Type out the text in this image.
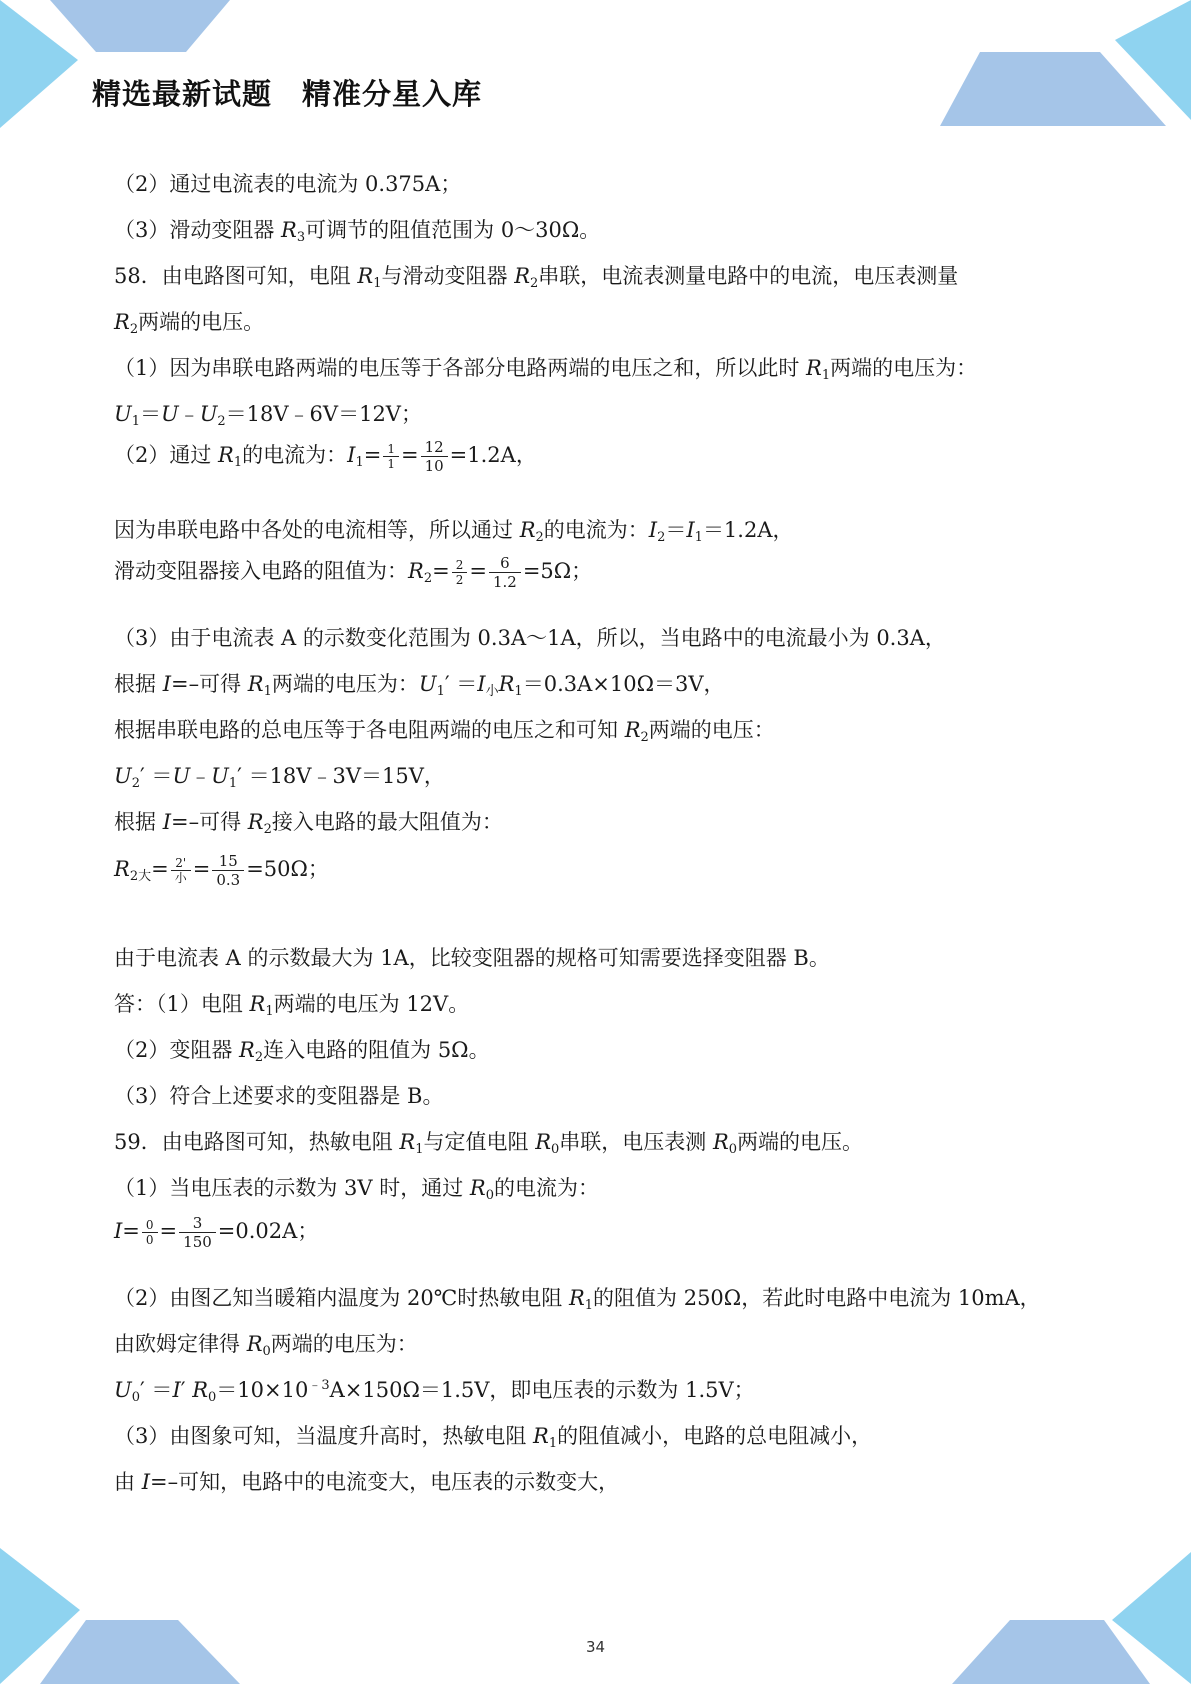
精选最新试题　精准分星入库
（2）通过电流表的电流为 0.375A；
（3）滑动变阻器 $R_3$可调节的阻值范围为 0～30Ω。
58．由电路图可知，电阻 $R_1$与滑动变阻器 $R_2$串联，电流表测量电路中的电流，电压表测量
$R_2$两端的电压。
（1）因为串联电路两端的电压等于各部分电路两端的电压之和，所以此时 $R_1$两端的电压为：
$U_1=U﹣U_2=18V﹣6V=12V$；
（2）通过 $R_1$的电流为：$I_1= \frac{1}{1} = \frac{12}{10} =1.2A$，
因为串联电路中各处的电流相等，所以通过 $R_2$的电流为：$I_2=I_1=1.2A$，
滑动变阻器接入电路的阻值为：$R_2= \frac{2}{2} = \frac{6}{1.2} =5\Omega$；
（3）由于电流表 A 的示数变化范围为 0.3A～1A，所以，当电路中的电流最小为 0.3A，
根据 I=–可得 $R_1$两端的电压为：$U_1' =I_小R_1=0.3A\times 10\Omega=3V$，
根据串联电路的总电压等于各电阻两端的电压之和可知 $R_2$两端的电压：
$U_2'$ $=U﹣U_1'$ ＝18V﹣3V＝15V，
根据 I=–可得 $R_2$接入电路的最大阻值为：
$R_{2大}= \frac{2'}{\text{小}} = \frac{15}{0.3} =50\Omega$；
由于电流表 A 的示数最大为 1A，比较变阻器的规格可知需要选择变阻器 B。
答：（1）电阻 $R_1$两端的电压为 12V。
（2）变阻器 $R_2$连入电路的阻值为 5Ω。
（3）符合上述要求的变阻器是 B。
59．由电路图可知，热敏电阻 $R_1$与定值电阻 $R_0$串联，电压表测 $R_0$两端的电压。
（1）当电压表的示数为 3V 时，通过 $R_0$的电流为：
$I= \frac{0}{0} = \frac{3}{150} =0.02A$；
（2）由图乙知当暖箱内温度为 20℃时热敏电阻 $R_1$的阻值为 250Ω，若此时电路中电流为 10mA，
由欧姆定律得 $R_0$两端的电压为：
$U_0' =I'$ $R_0=10\times 10^{﹣3}A\times 150\Omega=1.5V$，即电压表的示数为 1.5V；
（3）由图象可知，当温度升高时，热敏电阻 $R_1$的阻值减小，电路的总电阻减小，
由 I=–可知，电路中的电流变大，电压表的示数变大，
34
